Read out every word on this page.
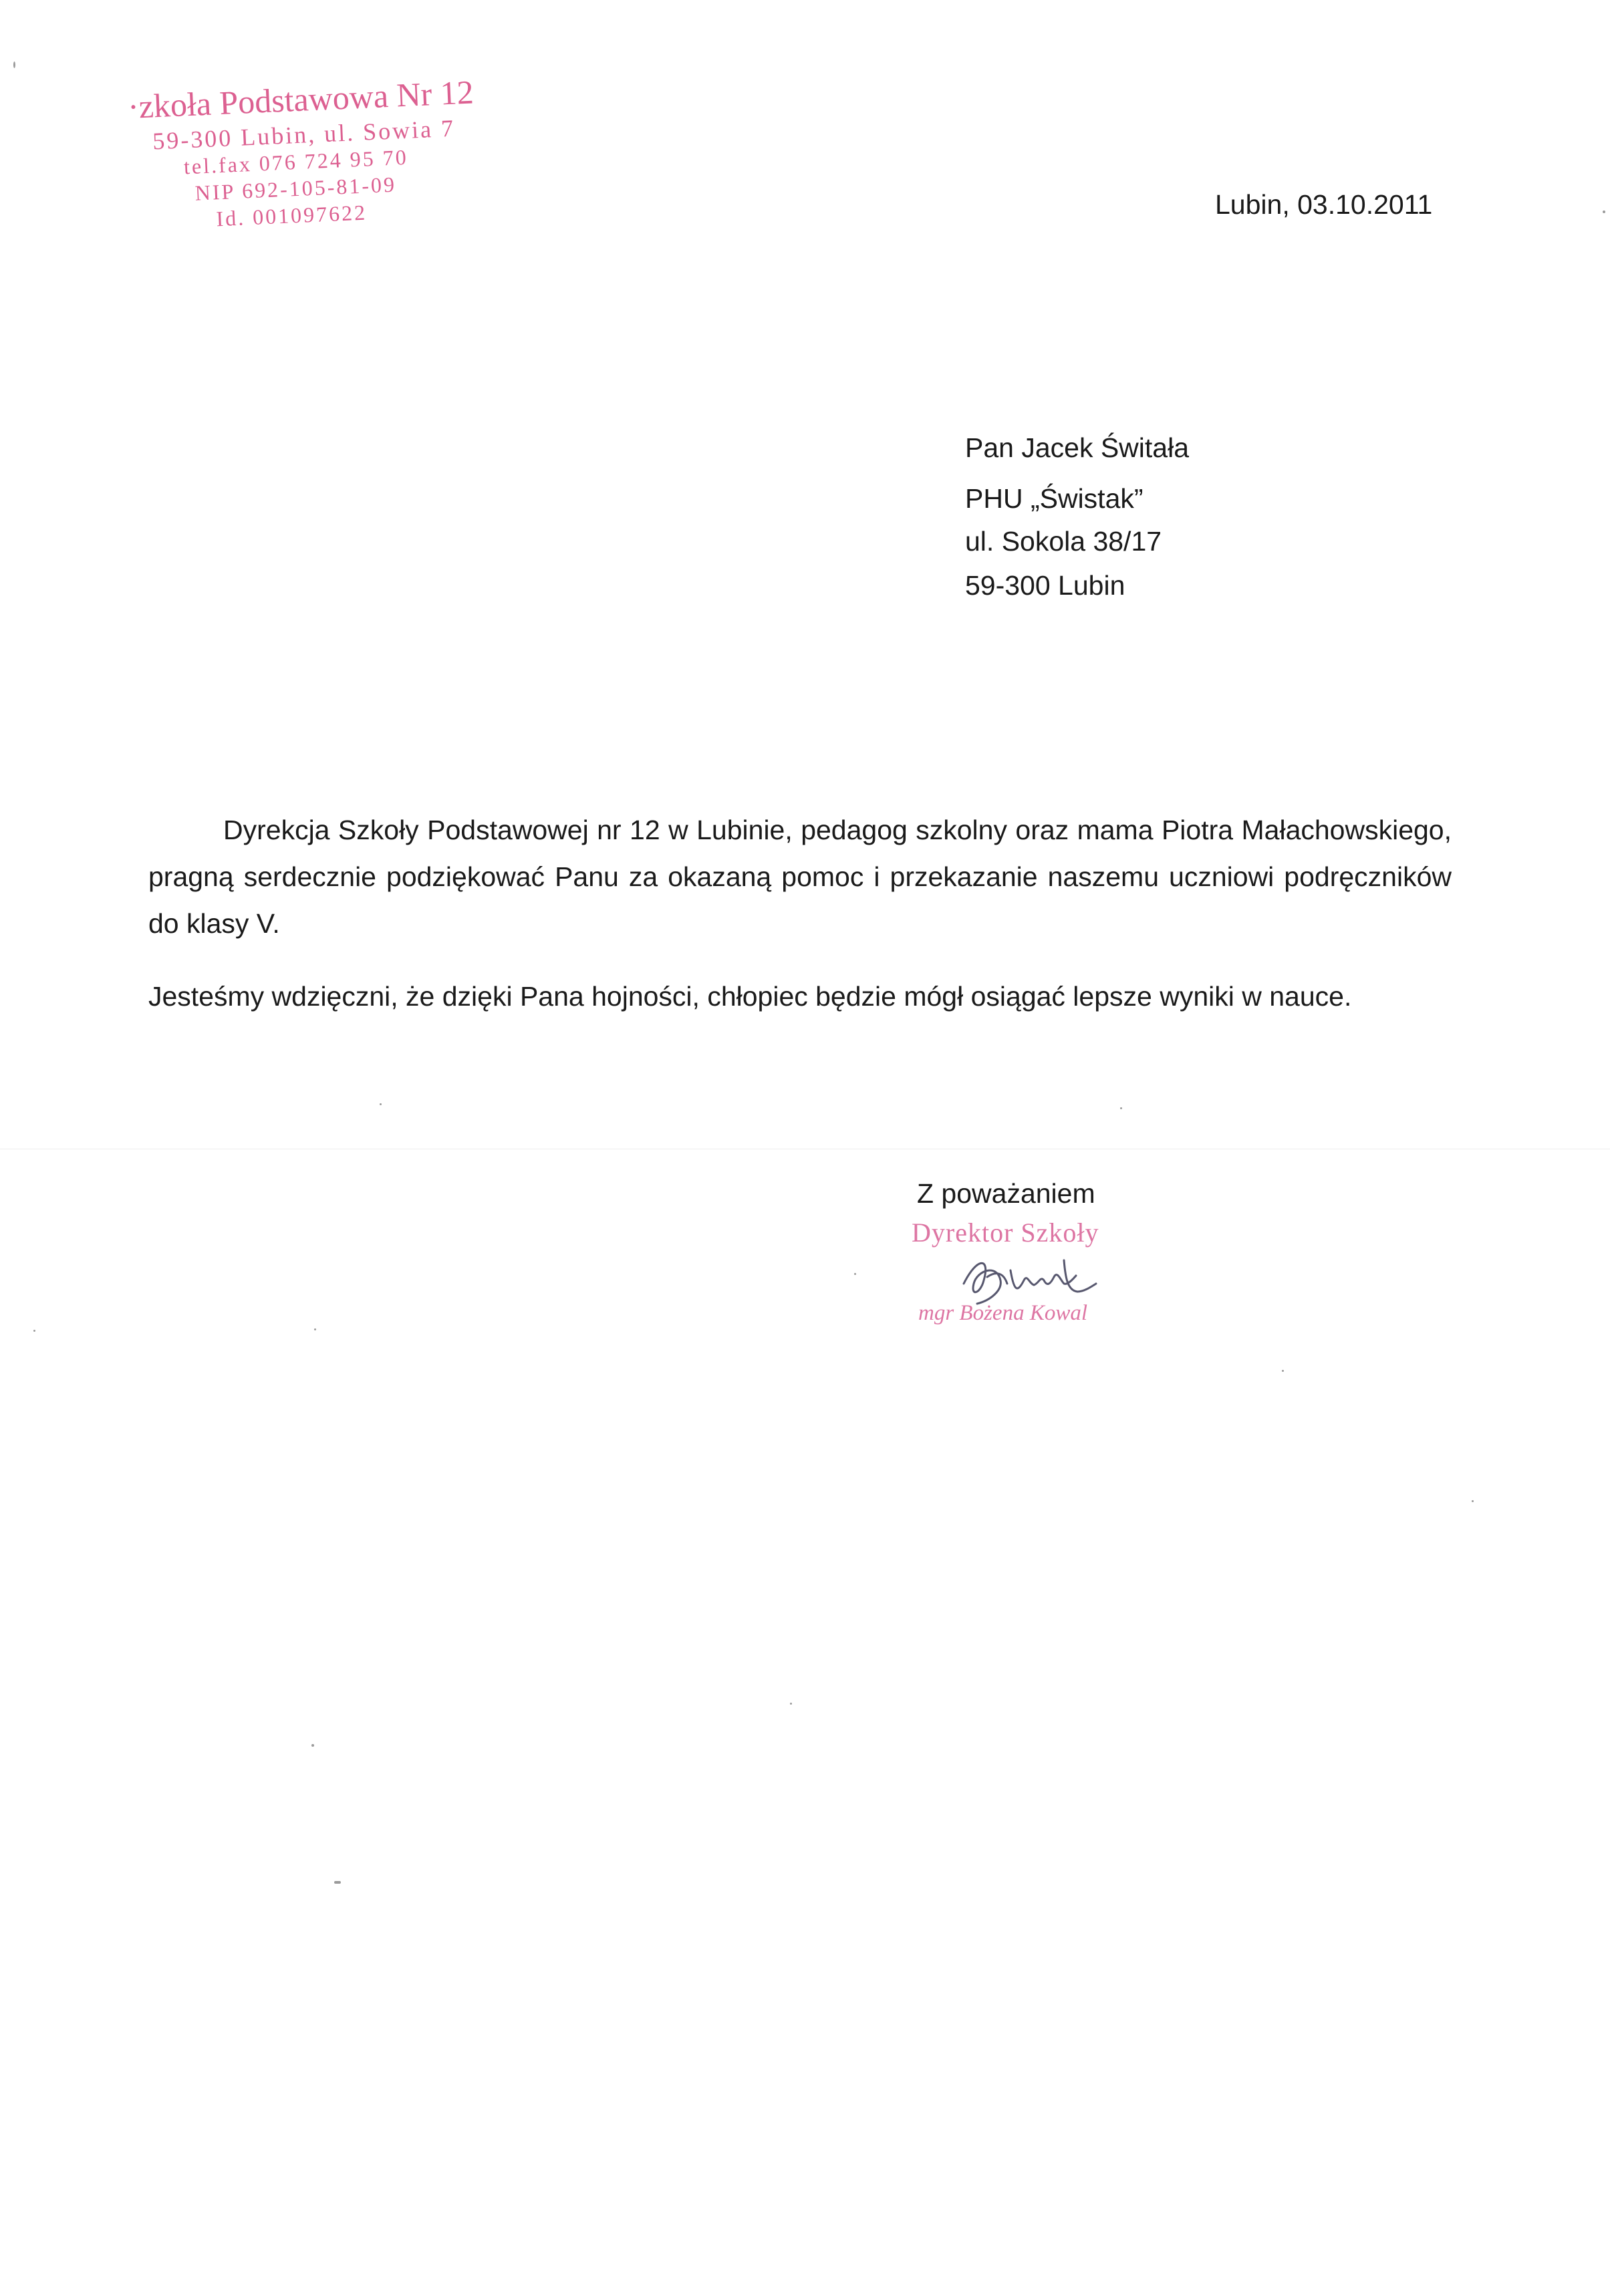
·zkoła Podstawowa Nr 12
59-300 Lubin, ul. Sowia 7
tel.fax 076 724 95 70
NIP 692-105-81-09
Id. 001097622	Lubin, 03.10.2011
Pan Jacek Świtała
PHU „Świstak”
ul. Sokola 38/17
59-300 Lubin
Dyrekcja Szkoły Podstawowej nr 12 w Lubinie, pedagog szkolny oraz mama Piotra Małachowskiego, pragną serdecznie podziękować Panu za okazaną pomoc i przekazanie naszemu uczniowi podręczników do klasy V.
Jesteśmy wdzięczni, że dzięki Pana hojności, chłopiec będzie mógł osiągać lepsze wyniki w nauce.
Z poważaniem
Dyrektor Szkoły
mgr Bożena Kowal
